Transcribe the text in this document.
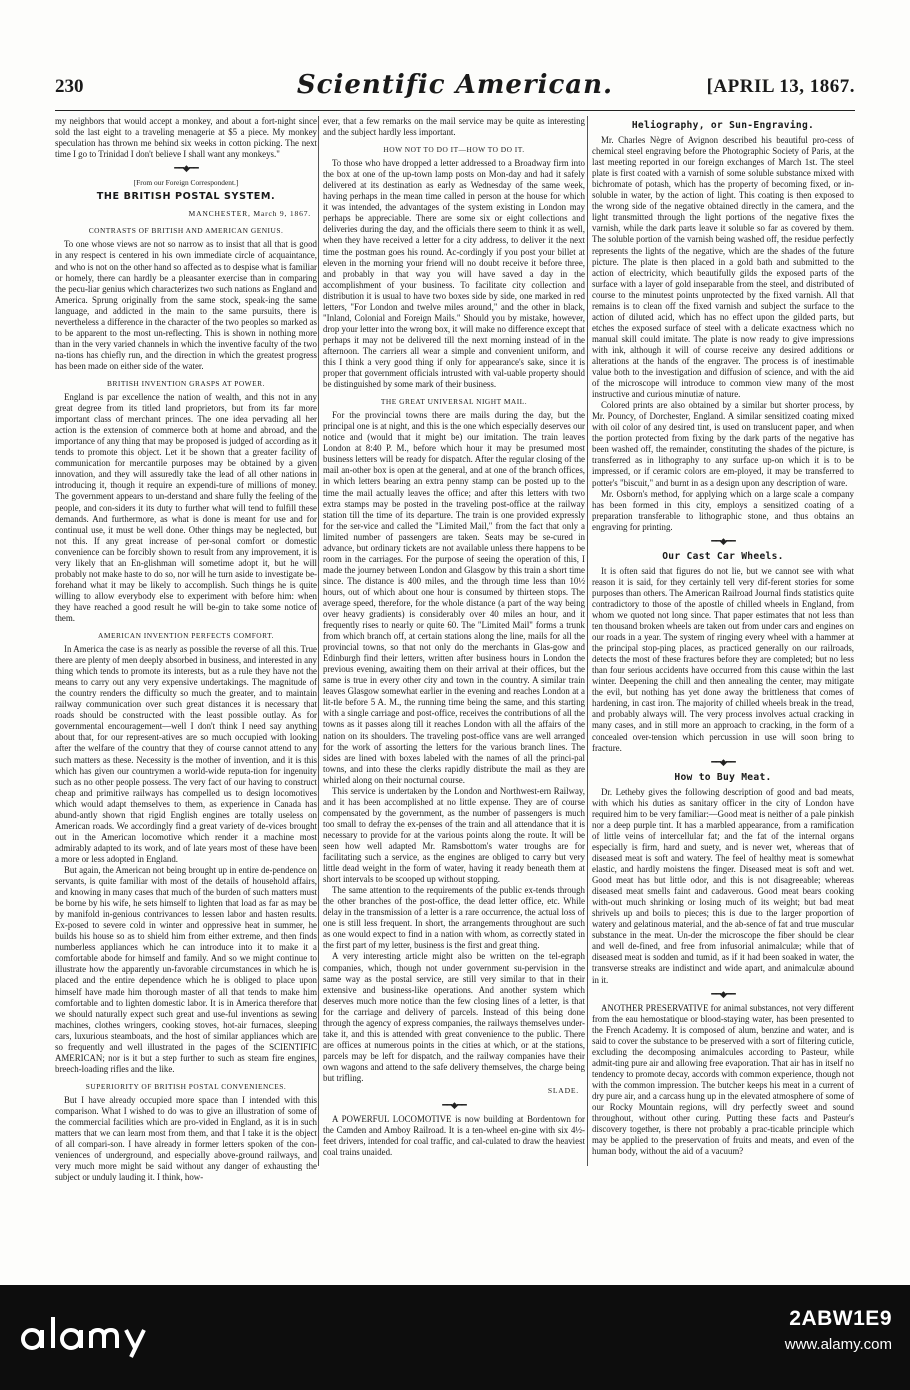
230	Scientific American.	[APRIL 13, 1867.

my neighbors that would accept a monkey, and about a fort-night since sold the last eight to a traveling menagerie at $5 a piece. My monkey speculation has thrown me behind six weeks in cotton picking. The next time I go to Trinidad I don't believe I shall want any monkeys."

━━◆━━
[From our Foreign Correspondent.]
THE BRITISH POSTAL SYSTEM.
MANCHESTER, March 9, 1867.
CONTRASTS OF BRITISH AND AMERICAN GENIUS.

To one whose views are not so narrow as to insist that all that is good in any respect is centered in his own immediate circle of acquaintance, and who is not on the other hand so affected as to despise what is familiar or homely, there can hardly be a pleasanter exercise than in comparing the pecu-liar genius which characterizes two such nations as England and America. Sprung originally from the same stock, speak-ing the same language, and addicted in the main to the same pursuits, there is nevertheless a difference in the character of the two peoples so marked as to be apparent to the most un-reflecting. This is shown in nothing more than in the very varied channels in which the inventive faculty of the two na-tions has chiefly run, and the direction in which the greatest progress has been made on either side of the water.

BRITISH INVENTION GRASPS AT POWER.

England is par excellence the nation of wealth, and this not in any great degree from its titled land proprietors, but from its far more important class of merchant princes. The one idea pervading all her action is the extension of commerce both at home and abroad, and the importance of any thing that may be proposed is judged of according as it tends to promote this object. Let it be shown that a greater facility of communication for mercantile purposes may be obtained by a given innovation, and they will assuredly take the lead of all other nations in introducing it, though it require an expendi-ture of millions of money. The government appears to un-derstand and share fully the feeling of the people, and con-siders it its duty to further what will tend to fulfill these demands. And furthermore, as what is done is meant for use and for continual use, it must be well done. Other things may be neglected, but not this. If any great increase of per-sonal comfort or domestic convenience can be forcibly shown to result from any improvement, it is very likely that an En-glishman will sometime adopt it, but he will probably not make haste to do so, nor will he turn aside to investigate be-forehand what it may be likely to accomplish. Such things he is quite willing to allow everybody else to experiment with before him: when they have reached a good result he will be-gin to take some notice of them.

AMERICAN INVENTION PERFECTS COMFORT.

In America the case is as nearly as possible the reverse of all this. True there are plenty of men deeply absorbed in business, and interested in any thing which tends to promote its interests, but as a rule they have not the means to carry out any very expensive undertakings. The magnitude of the country renders the difficulty so much the greater, and to maintain railway communication over such great distances it is necessary that roads should be constructed with the least possible outlay. As for governmental encouragement—well I don't think I need say anything about that, for our represent-atives are so much occupied with looking after the welfare of the country that they of course cannot attend to any such matters as these. Necessity is the mother of invention, and it is this which has given our countrymen a world-wide reputa-tion for ingenuity such as no other people possess. The very fact of our having to construct cheap and primitive railways has compelled us to design locomotives which would adapt themselves to them, as experience in Canada has abund-antly shown that rigid English engines are totally useless on American roads. We accordingly find a great variety of de-vices brought out in the American locomotive which render it a machine most admirably adapted to its work, and of late years most of these have been a more or less adopted in England.

But again, the American not being brought up in entire de-pendence on servants, is quite familiar with most of the details of household affairs, and knowing in many cases that much of the burden of such matters must be borne by his wife, he sets himself to lighten that load as far as may be by manifold in-genious contrivances to lessen labor and hasten results. Ex-posed to severe cold in winter and oppressive heat in summer, he builds his house so as to shield him from either extreme, and then finds numberless appliances which he can introduce into it to make it a comfortable abode for himself and family. And so we might continue to illustrate how the apparently un-favorable circumstances in which he is placed and the entire dependence which he is obliged to place upon himself have made him thorough master of all that tends to make him comfortable and to lighten domestic labor. It is in America therefore that we should naturally expect such great and use-ful inventions as sewing machines, clothes wringers, cooking stoves, hot-air furnaces, sleeping cars, luxurious steamboats, and the host of similar appliances which are so frequently and well illustrated in the pages of the SCIENTIFIC AMERICAN; nor is it but a step further to such as steam fire engines, breech-loading rifles and the like.

SUPERIORITY OF BRITISH POSTAL CONVENIENCES.

But I have already occupied more space than I intended with this comparison. What I wished to do was to give an illustration of some of the commercial facilities which are pro-vided in England, as it is in such matters that we can learn most from them, and that I take it is the object of all compari-son. I have already in former letters spoken of the con-veniences of underground, and especially above-ground railways, and very much more might be said without any danger of exhausting the subject or unduly lauding it. I think, how-

ever, that a few remarks on the mail service may be quite as interesting and the subject hardly less important.

HOW NOT TO DO IT—HOW TO DO IT.

To those who have dropped a letter addressed to a Broadway firm into the box at one of the up-town lamp posts on Mon-day and had it safely delivered at its destination as early as Wednesday of the same week, having perhaps in the mean time called in person at the house for which it was intended, the advantages of the system existing in London may perhaps be appreciable. There are some six or eight collections and deliveries during the day, and the officials there seem to think it as well, when they have received a letter for a city address, to deliver it the next time the postman goes his round. Ac-cordingly if you post your billet at eleven in the morning your friend will no doubt receive it before three, and probably in that way you will have saved a day in the accomplishment of your business. To facilitate city collection and distribution it is usual to have two boxes side by side, one marked in red letters, "For London and twelve miles around," and the other in black, "Inland, Colonial and Foreign Mails." Should you by mistake, however, drop your letter into the wrong box, it will make no difference except that perhaps it may not be delivered till the next morning instead of in the afternoon. The carriers all wear a simple and convenient uniform, and this I think a very good thing if only for appearance's sake, since it is proper that government officials intrusted with val-uable property should be distinguished by some mark of their business.

THE GREAT UNIVERSAL NIGHT MAIL.

For the provincial towns there are mails during the day, but the principal one is at night, and this is the one which especially deserves our notice and (would that it might be) our imitation. The train leaves London at 8:40 P. M., before which hour it may be presumed most business letters will be ready for dispatch. After the regular closing of the mail an-other box is open at the general, and at one of the branch offices, in which letters bearing an extra penny stamp can be posted up to the time the mail actually leaves the office; and after this letters with two extra stamps may be posted in the traveling post-office at the railway station till the time of its departure. The train is one provided expressly for the ser-vice and called the "Limited Mail," from the fact that only a limited number of passengers are taken. Seats may be se-cured in advance, but ordinary tickets are not available unless there happens to be room in the carriages. For the purpose of seeing the operation of this, I made the journey between London and Glasgow by this train a short time since. The distance is 400 miles, and the through time less than 10½ hours, out of which about one hour is consumed by thirteen stops. The average speed, therefore, for the whole distance (a part of the way being over heavy gradients) is considerably over 40 miles an hour, and it frequently rises to nearly or quite 60. The "Limited Mail" forms a trunk from which branch off, at certain stations along the line, mails for all the provincial towns, so that not only do the merchants in Glas-gow and Edinburgh find their letters, written after business hours in London the previous evening, awaiting them on their arrival at their offices, but the same is true in every other city and town in the country. A similar train leaves Glasgow somewhat earlier in the evening and reaches London at a lit-tle before 5 A. M., the running time being the same, and this starting with a single carriage and post-office, receives the contributions of all the towns as it passes along till it reaches London with all the affairs of the nation on its shoulders. The traveling post-office vans are well arranged for the work of assorting the letters for the various branch lines. The sides are lined with boxes labeled with the names of all the princi-pal towns, and into these the clerks rapidly distribute the mail as they are whirled along on their nocturnal course.

This service is undertaken by the London and Northwest-ern Railway, and it has been accomplished at no little expense. They are of course compensated by the government, as the number of passengers is much too small to defray the ex-penses of the train and all attendance that it is necessary to provide for at the various points along the route. It will be seen how well adapted Mr. Ramsbottom's water troughs are for facilitating such a service, as the engines are obliged to carry but very little dead weight in the form of water, having it ready beneath them at short intervals to be scooped up without stopping.

The same attention to the requirements of the public ex-tends through the other branches of the post-office, the dead letter office, etc. While delay in the transmission of a letter is a rare occurrence, the actual loss of one is still less frequent. In short, the arrangements throughout are such as one would expect to find in a nation with whom, as correctly stated in the first part of my letter, business is the first and great thing.

A very interesting article might also be written on the tel-egraph companies, which, though not under government su-pervision in the same way as the postal service, are still very similar to that in their extensive and business-like operations. And another system which deserves much more notice than the few closing lines of a letter, is that for the carriage and delivery of parcels. Instead of this being done through the agency of express companies, the railways themselves under-take it, and this is attended with great convenience to the public. There are offices at numerous points in the cities at which, or at the stations, parcels may be left for dispatch, and the railway companies have their own wagons and attend to the safe delivery themselves, the charge being but trifling.

SLADE.
━━◆━━

A POWERFUL LOCOMOTIVE is now building at Bordentown for the Camden and Amboy Railroad. It is a ten-wheel en-gine with six 4½-feet drivers, intended for coal traffic, and cal-culated to draw the heaviest coal trains unaided.

Heliography, or Sun-Engraving.

Mr. Charles Nègre of Avignon described his beautiful pro-cess of chemical steel engraving before the Photographic Society of Paris, at the last meeting reported in our foreign exchanges of March 1st. The steel plate is first coated with a varnish of some soluble substance mixed with bichromate of potash, which has the property of becoming fixed, or in-soluble in water, by the action of light. This coating is then exposed to the wrong side of the negative obtained directly in the camera, and the light transmitted through the light portions of the negative fixes the varnish, while the dark parts leave it soluble so far as covered by them. The soluble portion of the varnish being washed off, the residue perfectly represents the lights of the negative, which are the shades of the future picture. The plate is then placed in a gold bath and submitted to the action of electricity, which beautifully gilds the exposed parts of the surface with a layer of gold inseparable from the steel, and distributed of course to the minutest points unprotected by the fixed varnish. All that remains is to clean off the fixed varnish and subject the surface to the action of diluted acid, which has no effect upon the gilded parts, but etches the exposed surface of steel with a delicate exactness which no manual skill could imitate. The plate is now ready to give impressions with ink, although it will of course receive any desired additions or alterations at the hands of the engraver. The process is of inestimable value both to the investigation and diffusion of science, and with the aid of the microscope will introduce to common view many of the most instructive and curious minutiæ of nature.

Colored prints are also obtained by a similar but shorter process, by Mr. Pouncy, of Dorchester, England. A similar sensitized coating mixed with oil color of any desired tint, is used on translucent paper, and when the portion protected from fixing by the dark parts of the negative has been washed off, the remainder, constituting the shades of the picture, is transferred as in lithography to any surface up-on which it is to be impressed, or if ceramic colors are em-ployed, it may be transferred to potter's "biscuit," and burnt in as a design upon any description of ware.

Mr. Osborn's method, for applying which on a large scale a company has been formed in this city, employs a sensitized coating of a preparation transferable to lithographic stone, and thus obtains an engraving for printing.

━━◆━━
Our Cast Car Wheels.

It is often said that figures do not lie, but we cannot see with what reason it is said, for they certainly tell very dif-ferent stories for some purposes than others. The American Railroad Journal finds statistics quite contradictory to those of the apostle of chilled wheels in England, from whom we quoted not long since. That paper estimates that not less than ten thousand broken wheels are taken out from under cars and engines on our roads in a year. The system of ringing every wheel with a hammer at the principal stop-ping places, as practiced generally on our railroads, detects the most of these fractures before they are completed; but no less than four serious accidents have occurred from this cause within the last winter. Deepening the chill and then annealing the center, may mitigate the evil, but nothing has yet done away the brittleness that comes of hardening, in cast iron. The majority of chilled wheels break in the tread, and probably always will. The very process involves actual cracking in many cases, and in still more an approach to cracking, in the form of a concealed over-tension which percussion in use will soon bring to fracture.

━━◆━━
How to Buy Meat.

Dr. Letheby gives the following description of good and bad meats, with which his duties as sanitary officer in the city of London have required him to be very familiar:—Good meat is neither of a pale pinkish nor a deep purple tint. It has a marbled appearance, from a ramification of little veins of intercellular fat; and the fat of the internal organs especially is firm, hard and suety, and is never wet, whereas that of diseased meat is soft and watery. The feel of healthy meat is somewhat elastic, and hardly moistens the finger. Diseased meat is soft and wet. Good meat has but little odor, and this is not disagreeable; whereas diseased meat smells faint and cadaverous. Good meat bears cooking with-out much shrinking or losing much of its weight; but bad meat shrivels up and boils to pieces; this is due to the larger proportion of watery and gelatinous material, and the ab-sence of fat and true muscular substance in the meat. Un-der the microscope the fiber should be clear and well de-fined, and free from infusorial animalculæ; while that of diseased meat is sodden and tumid, as if it had been soaked in water, the transverse streaks are indistinct and wide apart, and animalculæ abound in it.

━━◆━━

ANOTHER PRESERVATIVE for animal substances, not very different from the eau hemostatique or blood-staying water, has been presented to the French Academy. It is composed of alum, benzine and water, and is said to cover the substance to be preserved with a sort of filtering cuticle, excluding the decomposing animalcules according to Pasteur, while admit-ting pure air and allowing free evaporation. That air has in itself no tendency to promote decay, accords with common experience, though not with the common impression. The butcher keeps his meat in a current of dry pure air, and a carcass hung up in the elevated atmosphere of some of our Rocky Mountain regions, will dry perfectly sweet and sound throughout, without other curing. Putting these facts and Pasteur's discovery together, is there not probably a prac-ticable principle which may be applied to the preservation of fruits and meats, and even of the human body, without the aid of a vacuum?

2ABW1E9
www.alamy.com
